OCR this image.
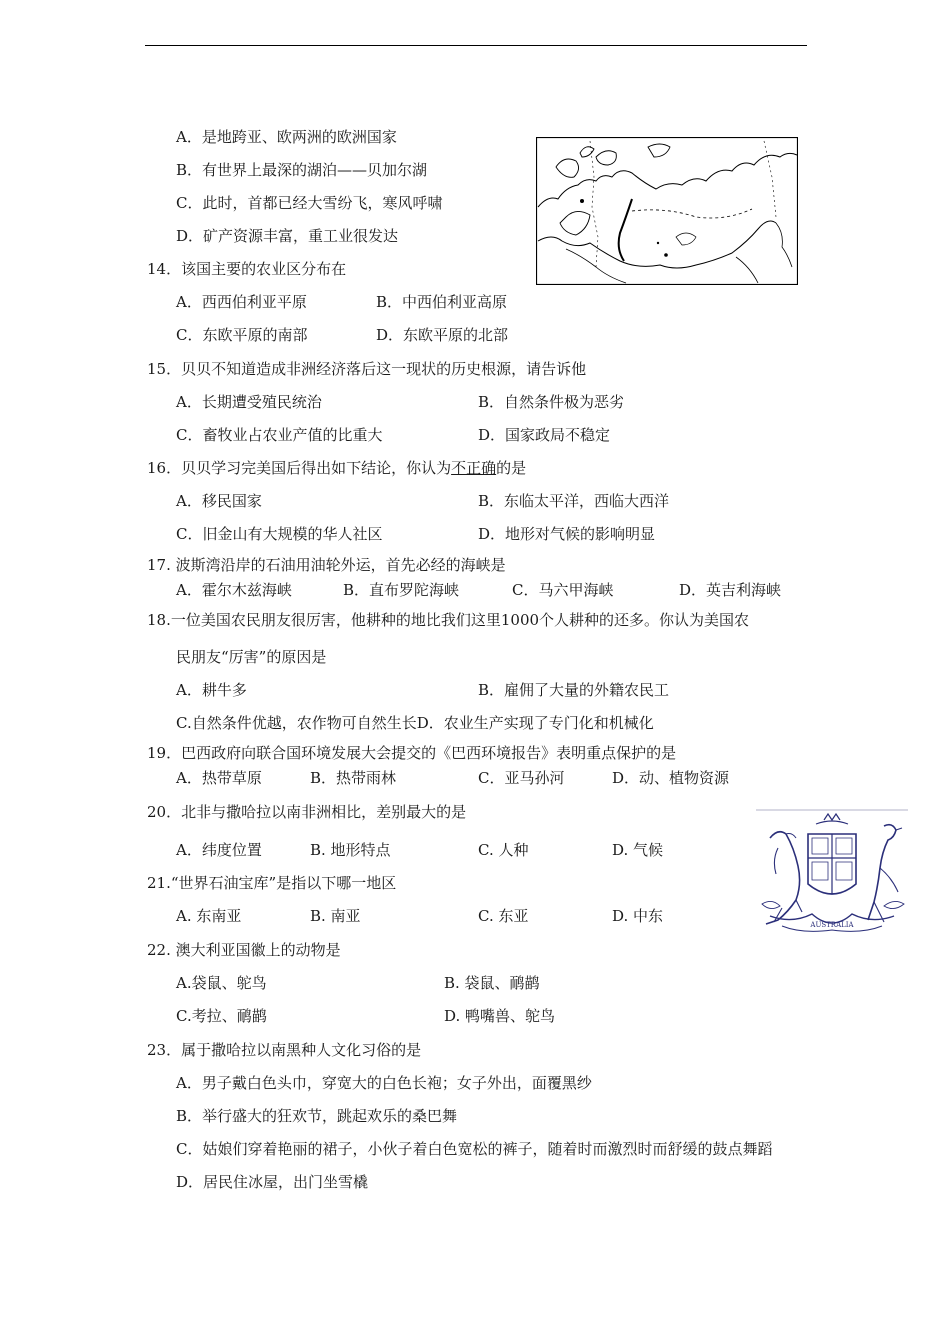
A．是地跨亚、欧两洲的欧洲国家
B．有世界上最深的湖泊——贝加尔湖
C．此时，首都已经大雪纷飞，寒风呼啸
D．矿产资源丰富，重工业很发达
14．该国主要的农业区分布在
A．西西伯利亚平原	B．中西伯利亚高原
C．东欧平原的南部	D．东欧平原的北部
15．贝贝不知道造成非洲经济落后这一现状的历史根源，请告诉他
A．长期遭受殖民统治	B．自然条件极为恶劣
C．畜牧业占农业产值的比重大	D．国家政局不稳定
16．贝贝学习完美国后得出如下结论，你认为不正确的是
A．移民国家	B．东临太平洋，西临大西洋
C．旧金山有大规模的华人社区	D．地形对气候的影响明显
17. 波斯湾沿岸的石油用油轮外运，首先必经的海峡是
A．霍尔木兹海峡	B．直布罗陀海峡	C．马六甲海峡	D．英吉利海峡
18.一位美国农民朋友很厉害，他耕种的地比我们这里1000个人耕种的还多。你认为美国农
民朋友“厉害”的原因是
A．耕牛多	B．雇佣了大量的外籍农民工
C.自然条件优越，农作物可自然生长D．农业生产实现了专门化和机械化
19．巴西政府向联合国环境发展大会提交的《巴西环境报告》表明重点保护的是
A．热带草原	B．热带雨林	C．亚马孙河	D．动、植物资源
20．北非与撒哈拉以南非洲相比，差别最大的是
A．纬度位置	B. 地形特点	C. 人种	D. 气候
AUSTRALIA
21.“世界石油宝库”是指以下哪一地区
A. 东南亚	B. 南亚	C. 东亚	D. 中东
22. 澳大利亚国徽上的动物是
A.袋鼠、鸵鸟	B. 袋鼠、鸸鹋
C.考拉、鸸鹋	D. 鸭嘴兽、鸵鸟
23．属于撒哈拉以南黑种人文化习俗的是
A．男子戴白色头巾，穿宽大的白色长袍；女子外出，面覆黑纱
B．举行盛大的狂欢节，跳起欢乐的桑巴舞
C．姑娘们穿着艳丽的裙子，小伙子着白色宽松的裤子，随着时而激烈时而舒缓的鼓点舞蹈
D．居民住冰屋，出门坐雪橇
